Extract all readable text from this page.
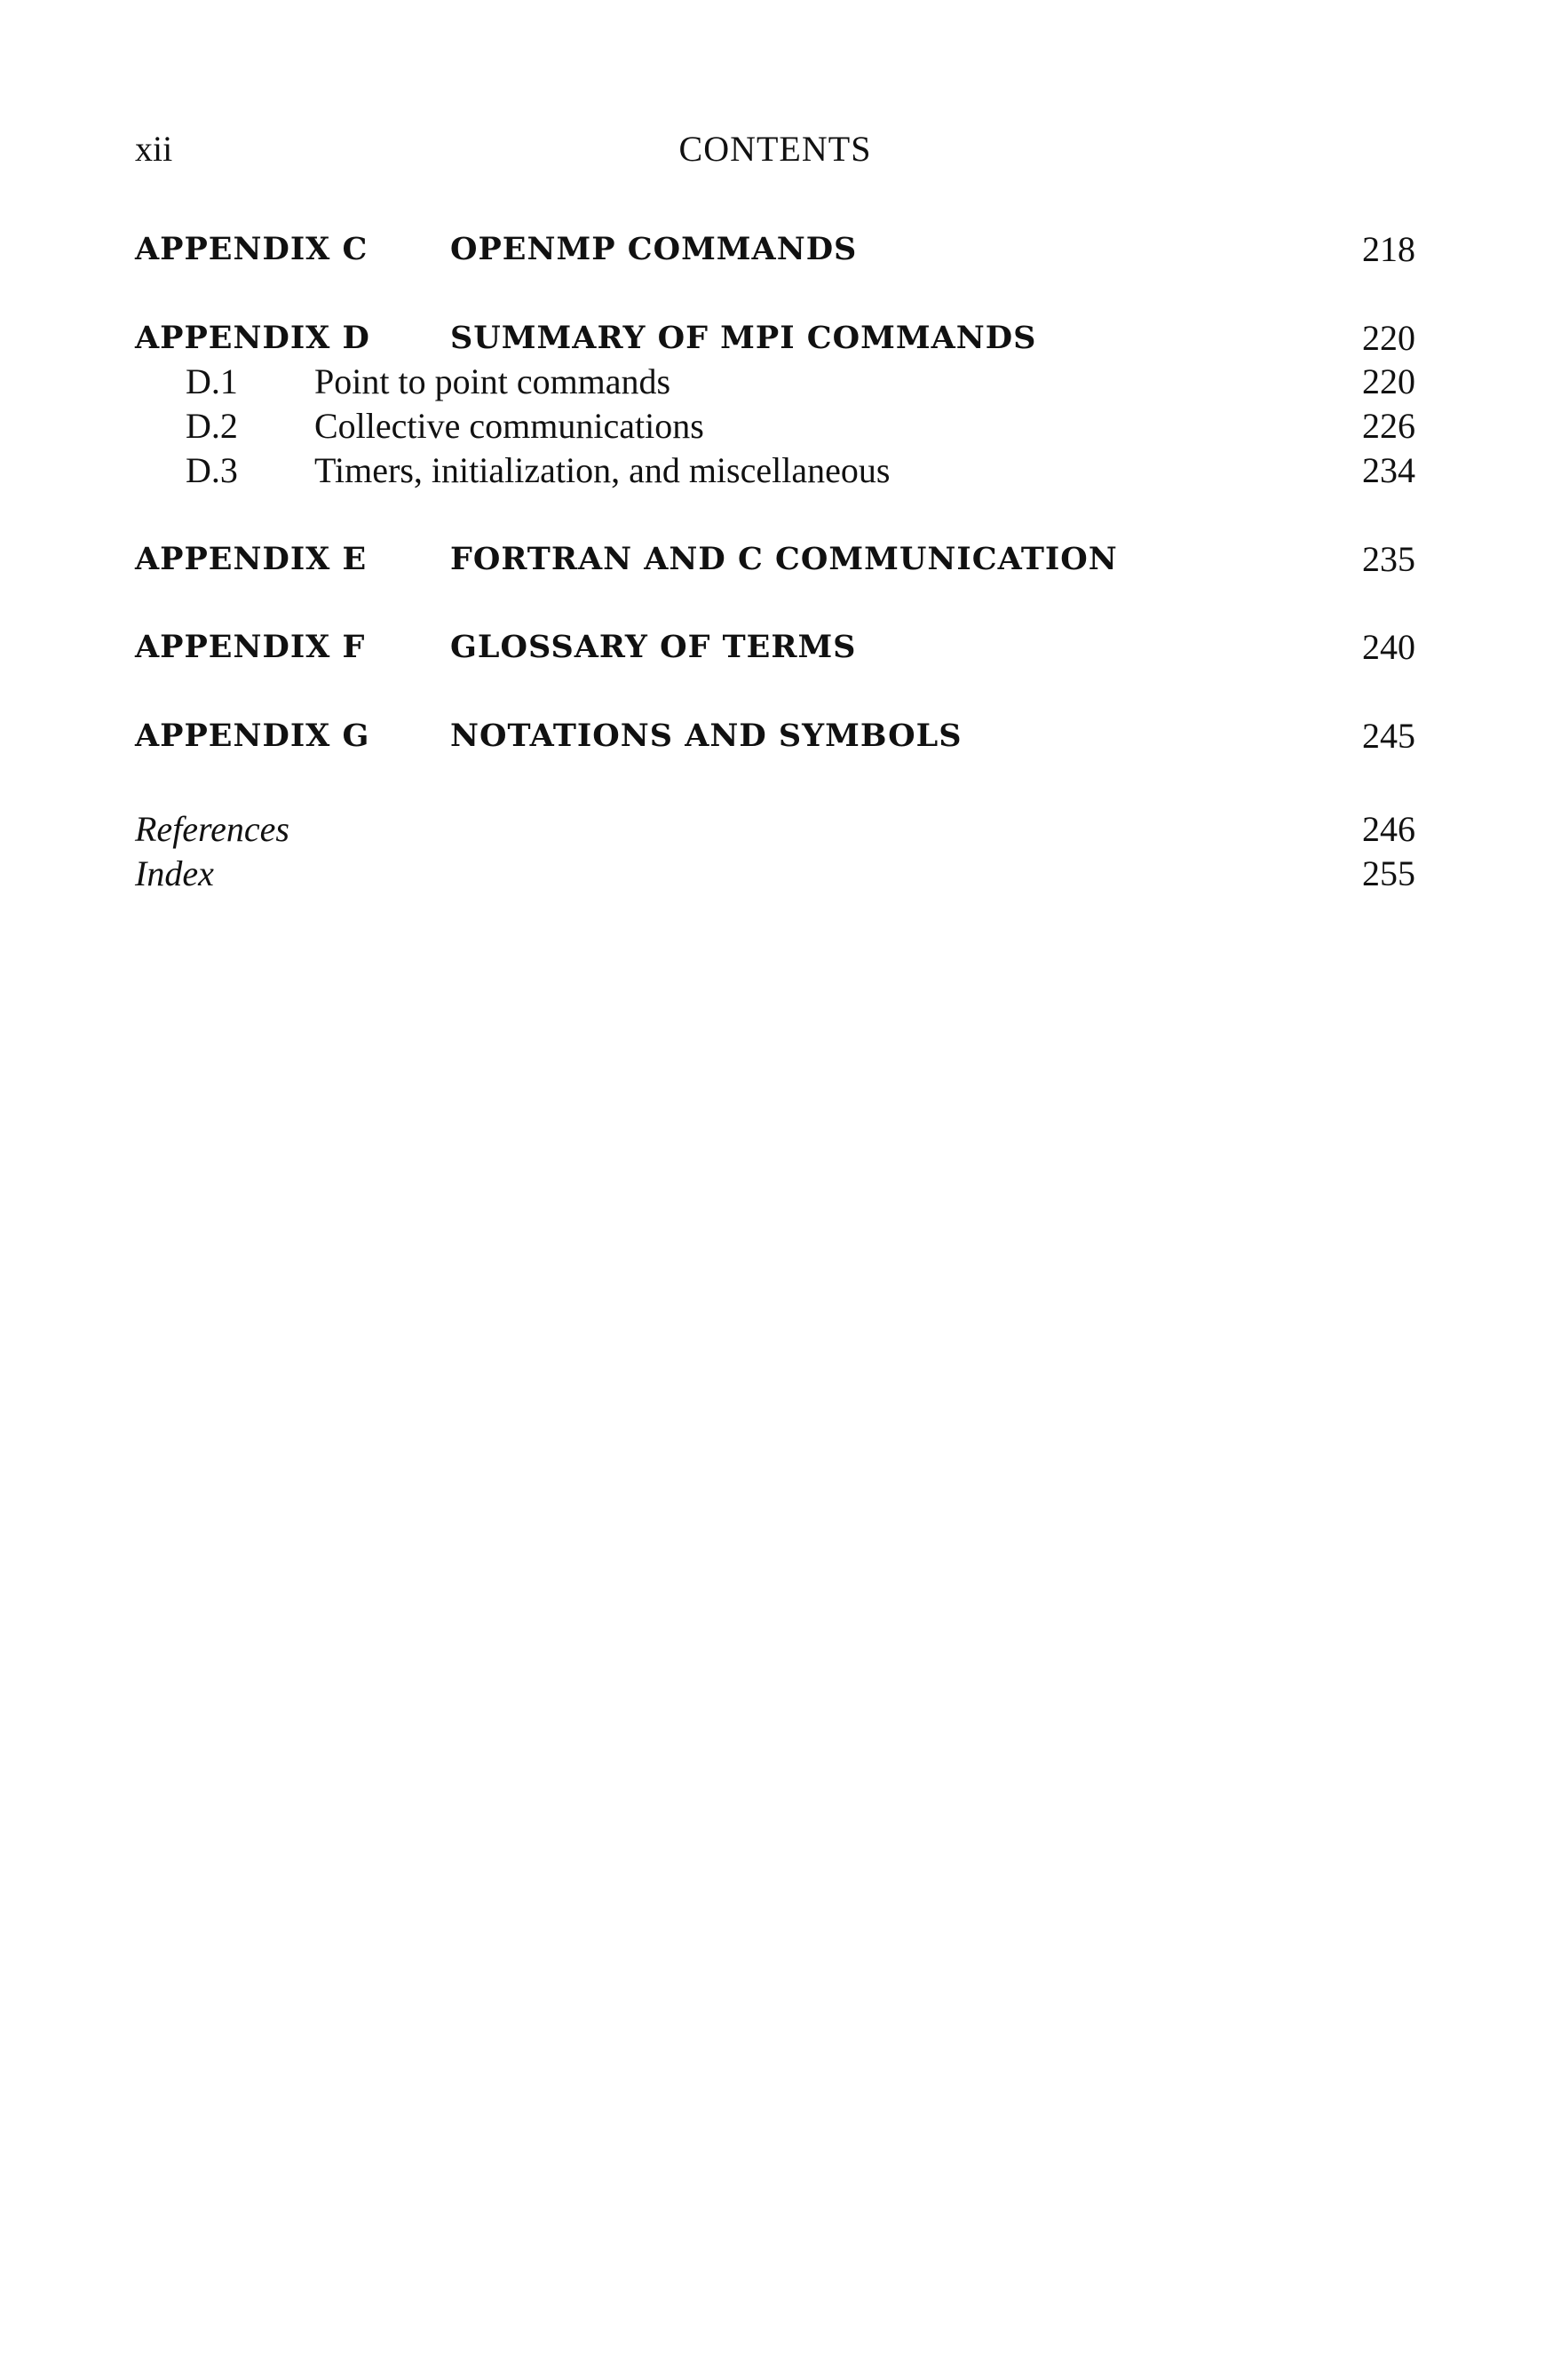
xii	CONTENTS
APPENDIX C	OPENMP COMMANDS	218
APPENDIX D	SUMMARY OF MPI COMMANDS	220
D.1 Point to point commands	220
D.2 Collective communications	226
D.3 Timers, initialization, and miscellaneous	234
APPENDIX E	FORTRAN AND C COMMUNICATION	235
APPENDIX F	GLOSSARY OF TERMS	240
APPENDIX G	NOTATIONS AND SYMBOLS	245
References	246
Index	255
